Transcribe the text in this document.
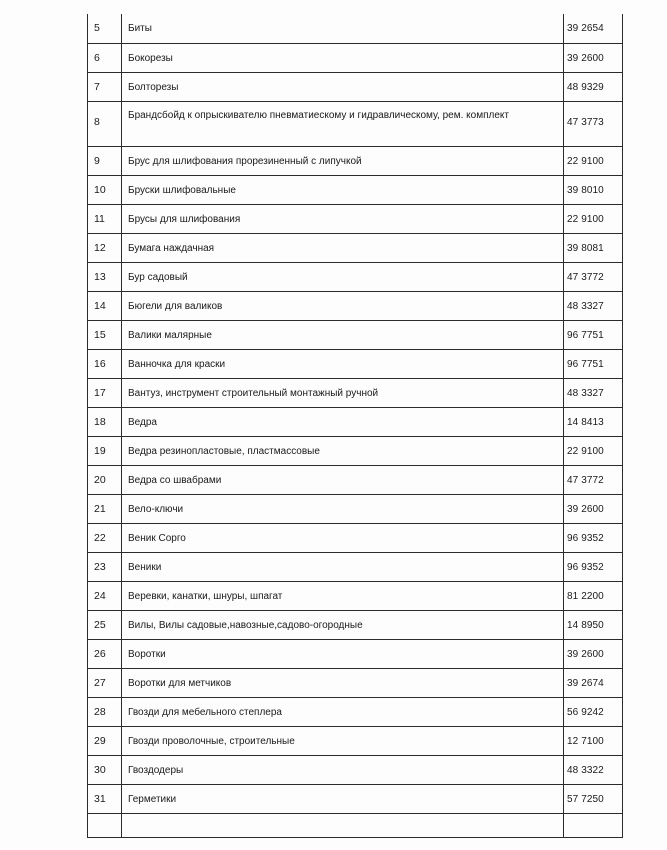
5	Биты	39 2654
6	Бокорезы	39 2600
7	Болторезы	48 9329
8	Брандсбойд к опрыскивателю пневматиескому и гидравлическому, рем. комплект	47 3773
9	Брус для шлифования прорезиненный с липучкой	22 9100
10	Бруски шлифовальные	39 8010
11	Брусы для шлифования	22 9100
12	Бумага наждачная	39 8081
13	Бур садовый	47 3772
14	Бюгели для валиков	48 3327
15	Валики малярные	96 7751
16	Ванночка для краски	96 7751
17	Вантуз, инструмент строительный монтажный ручной	48 3327
18	Ведра	14 8413
19	Ведра резинопластовые, пластмассовые	22 9100
20	Ведра со швабрами	47 3772
21	Вело-ключи	39 2600
22	Веник Сорго	96 9352
23	Веники	96 9352
24	Веревки, канатки, шнуры, шпагат	81 2200
25	Вилы, Вилы садовые,навозные,садово-огородные	14 8950
26	Воротки	39 2600
27	Воротки для метчиков	39 2674
28	Гвозди для мебельного степлера	56 9242
29	Гвозди проволочные, строительные	12 7100
30	Гвоздодеры	48 3322
31	Герметики	57 7250
